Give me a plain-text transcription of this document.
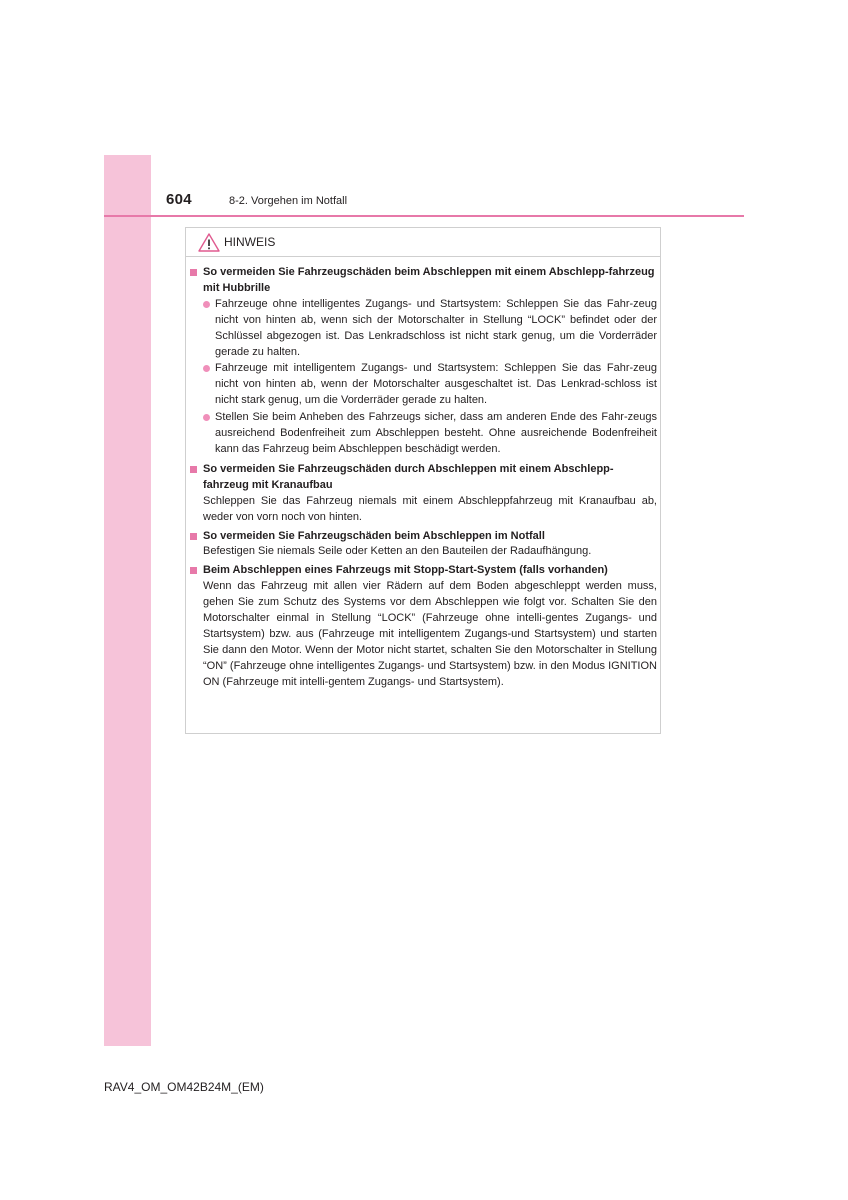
604	8-2. Vorgehen im Notfall
HINWEIS
So vermeiden Sie Fahrzeugschäden beim Abschleppen mit einem Abschlepp-fahrzeug mit Hubbrille
Fahrzeuge ohne intelligentes Zugangs- und Startsystem: Schleppen Sie das Fahr-zeug nicht von hinten ab, wenn sich der Motorschalter in Stellung “LOCK” befindet oder der Schlüssel abgezogen ist. Das Lenkradschloss ist nicht stark genug, um die Vorderräder gerade zu halten.
Fahrzeuge mit intelligentem Zugangs- und Startsystem: Schleppen Sie das Fahr-zeug nicht von hinten ab, wenn der Motorschalter ausgeschaltet ist. Das Lenkrad-schloss ist nicht stark genug, um die Vorderräder gerade zu halten.
Stellen Sie beim Anheben des Fahrzeugs sicher, dass am anderen Ende des Fahr-zeugs ausreichend Bodenfreiheit zum Abschleppen besteht. Ohne ausreichende Bodenfreiheit kann das Fahrzeug beim Abschleppen beschädigt werden.
So vermeiden Sie Fahrzeugschäden durch Abschleppen mit einem Abschlepp-fahrzeug mit Kranaufbau

Schleppen Sie das Fahrzeug niemals mit einem Abschleppfahrzeug mit Kranaufbau ab, weder von vorn noch von hinten.

So vermeiden Sie Fahrzeugschäden beim Abschleppen im Notfall

Befestigen Sie niemals Seile oder Ketten an den Bauteilen der Radaufhängung.

Beim Abschleppen eines Fahrzeugs mit Stopp-Start-System (falls vorhanden)

Wenn das Fahrzeug mit allen vier Rädern auf dem Boden abgeschleppt werden muss, gehen Sie zum Schutz des Systems vor dem Abschleppen wie folgt vor. Schalten Sie den Motorschalter einmal in Stellung “LOCK” (Fahrzeuge ohne intelli-gentes Zugangs- und Startsystem) bzw. aus (Fahrzeuge mit intelligentem Zugangs-und Startsystem) und starten Sie dann den Motor. Wenn der Motor nicht startet, schalten Sie den Motorschalter in Stellung “ON” (Fahrzeuge ohne intelligentes Zugangs- und Startsystem) bzw. in den Modus IGNITION ON (Fahrzeuge mit intelli-gentem Zugangs- und Startsystem).

RAV4_OM_OM42B24M_(EM)
